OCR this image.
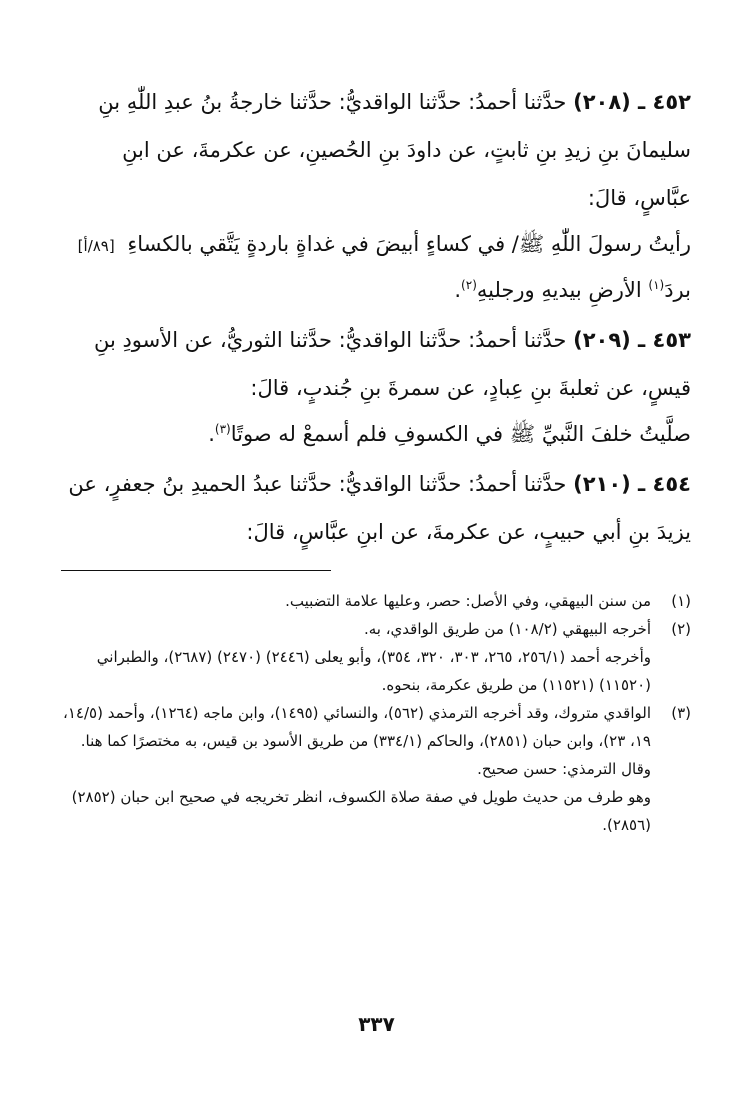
٤٥٢ ـ (٢٠٨) حدَّثنا أحمدُ: حدَّثنا الواقديُّ: حدَّثنا خارجةُ بنُ عبدِ اللّٰهِ بنِ سليمانَ بنِ زيدِ بنِ ثابتٍ، عن داودَ بنِ الحُصينِ، عن عكرمةَ، عن ابنِ عبَّاسٍ، قالَ:

رأيتُ رسولَ اللّٰهِ ﷺ/ في كساءٍ أبيضَ في غداةٍ باردةٍ يَتَّقي بالكساءِ [٨٩/أ] بردَ$^{(١)}$ الأرضِ بيديهِ ورجليهِ$^{(٢)}$.

٤٥٣ ـ (٢٠٩) حدَّثنا أحمدُ: حدَّثنا الواقديُّ: حدَّثنا الثوريُّ، عن الأسودِ بنِ قيسٍ، عن ثعلبةَ بنِ عِبادٍ، عن سمرةَ بنِ جُندبٍ، قالَ:

صلَّيتُ خلفَ النَّبيِّ ﷺ في الكسوفِ فلم أسمعْ له صوتًا$^{(٣)}$.

٤٥٤ ـ (٢١٠) حدَّثنا أحمدُ: حدَّثنا الواقديُّ: حدَّثنا عبدُ الحميدِ بنُ جعفرٍ، عن يزيدَ بنِ أبي حبيبٍ، عن عكرمةَ، عن ابنِ عبَّاسٍ، قالَ:

(١)
من سنن البيهقي، وفي الأصل: حصر، وعليها علامة التضبيب.

(٢)
أخرجه البيهقي (١٠٨/٢) من طريق الواقدي، به.

وأخرجه أحمد (٢٥٦/١، ٢٦٥، ٣٠٣، ٣٢٠، ٣٥٤)، وأبو يعلى (٢٤٤٦) (٢٤٧٠) (٢٦٨٧)، والطبراني (١١٥٢٠) (١١٥٢١) من طريق عكرمة، بنحوه.

(٣)
الواقدي متروك، وقد أخرجه الترمذي (٥٦٢)، والنسائي (١٤٩٥)، وابن ماجه (١٢٦٤)، وأحمد (١٤/٥، ١٩، ٢٣)، وابن حبان (٢٨٥١)، والحاكم (٣٣٤/١) من طريق الأسود بن قيس، به مختصرًا كما هنا. وقال الترمذي: حسن صحيح.

وهو طرف من حديث طويل في صفة صلاة الكسوف، انظر تخريجه في صحيح ابن حبان (٢٨٥٢) (٢٨٥٦).

٣٣٧
